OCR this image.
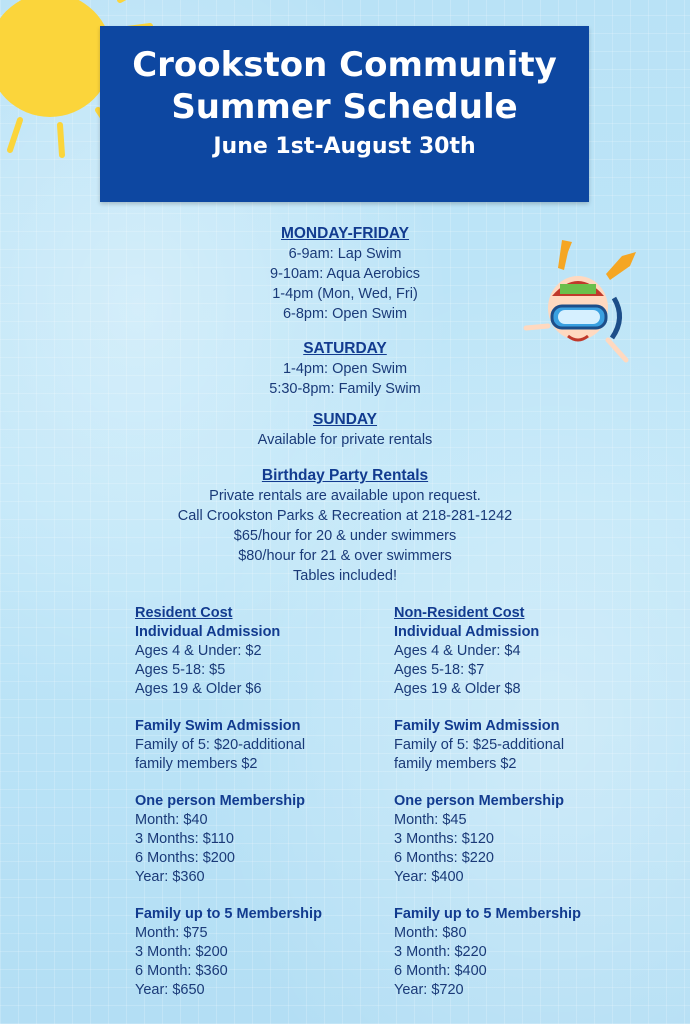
Crookston Community
Summer Schedule
June 1st-August 30th
MONDAY-FRIDAY
6-9am: Lap Swim
9-10am: Aqua Aerobics
1-4pm (Mon, Wed, Fri)
6-8pm: Open Swim
SATURDAY
1-4pm: Open Swim
5:30-8pm: Family Swim
SUNDAY
Available for private rentals
Birthday Party Rentals
Private rentals are available upon request.
Call Crookston Parks & Recreation at 218-281-1242
$65/hour for 20 & under swimmers
$80/hour for 21 & over swimmers
Tables included!
Resident Cost
Individual Admission
Ages 4 & Under: $2
Ages 5-18: $5
Ages 19 & Older $6
Family Swim Admission
Family of 5: $20-additional
family members $2
One person Membership
Month: $40
3 Months: $110
6 Months: $200
Year: $360
Family up to 5 Membership
Month: $75
3 Month: $200
6 Month: $360
Year: $650
Non-Resident Cost
Individual Admission
Ages 4 & Under: $4
Ages 5-18: $7
Ages 19 & Older $8
Family Swim Admission
Family of 5: $25-additional
family members $2
One person Membership
Month: $45
3 Months: $120
6 Months: $220
Year: $400
Family up to 5 Membership
Month: $80
3 Month: $220
6 Month: $400
Year: $720
